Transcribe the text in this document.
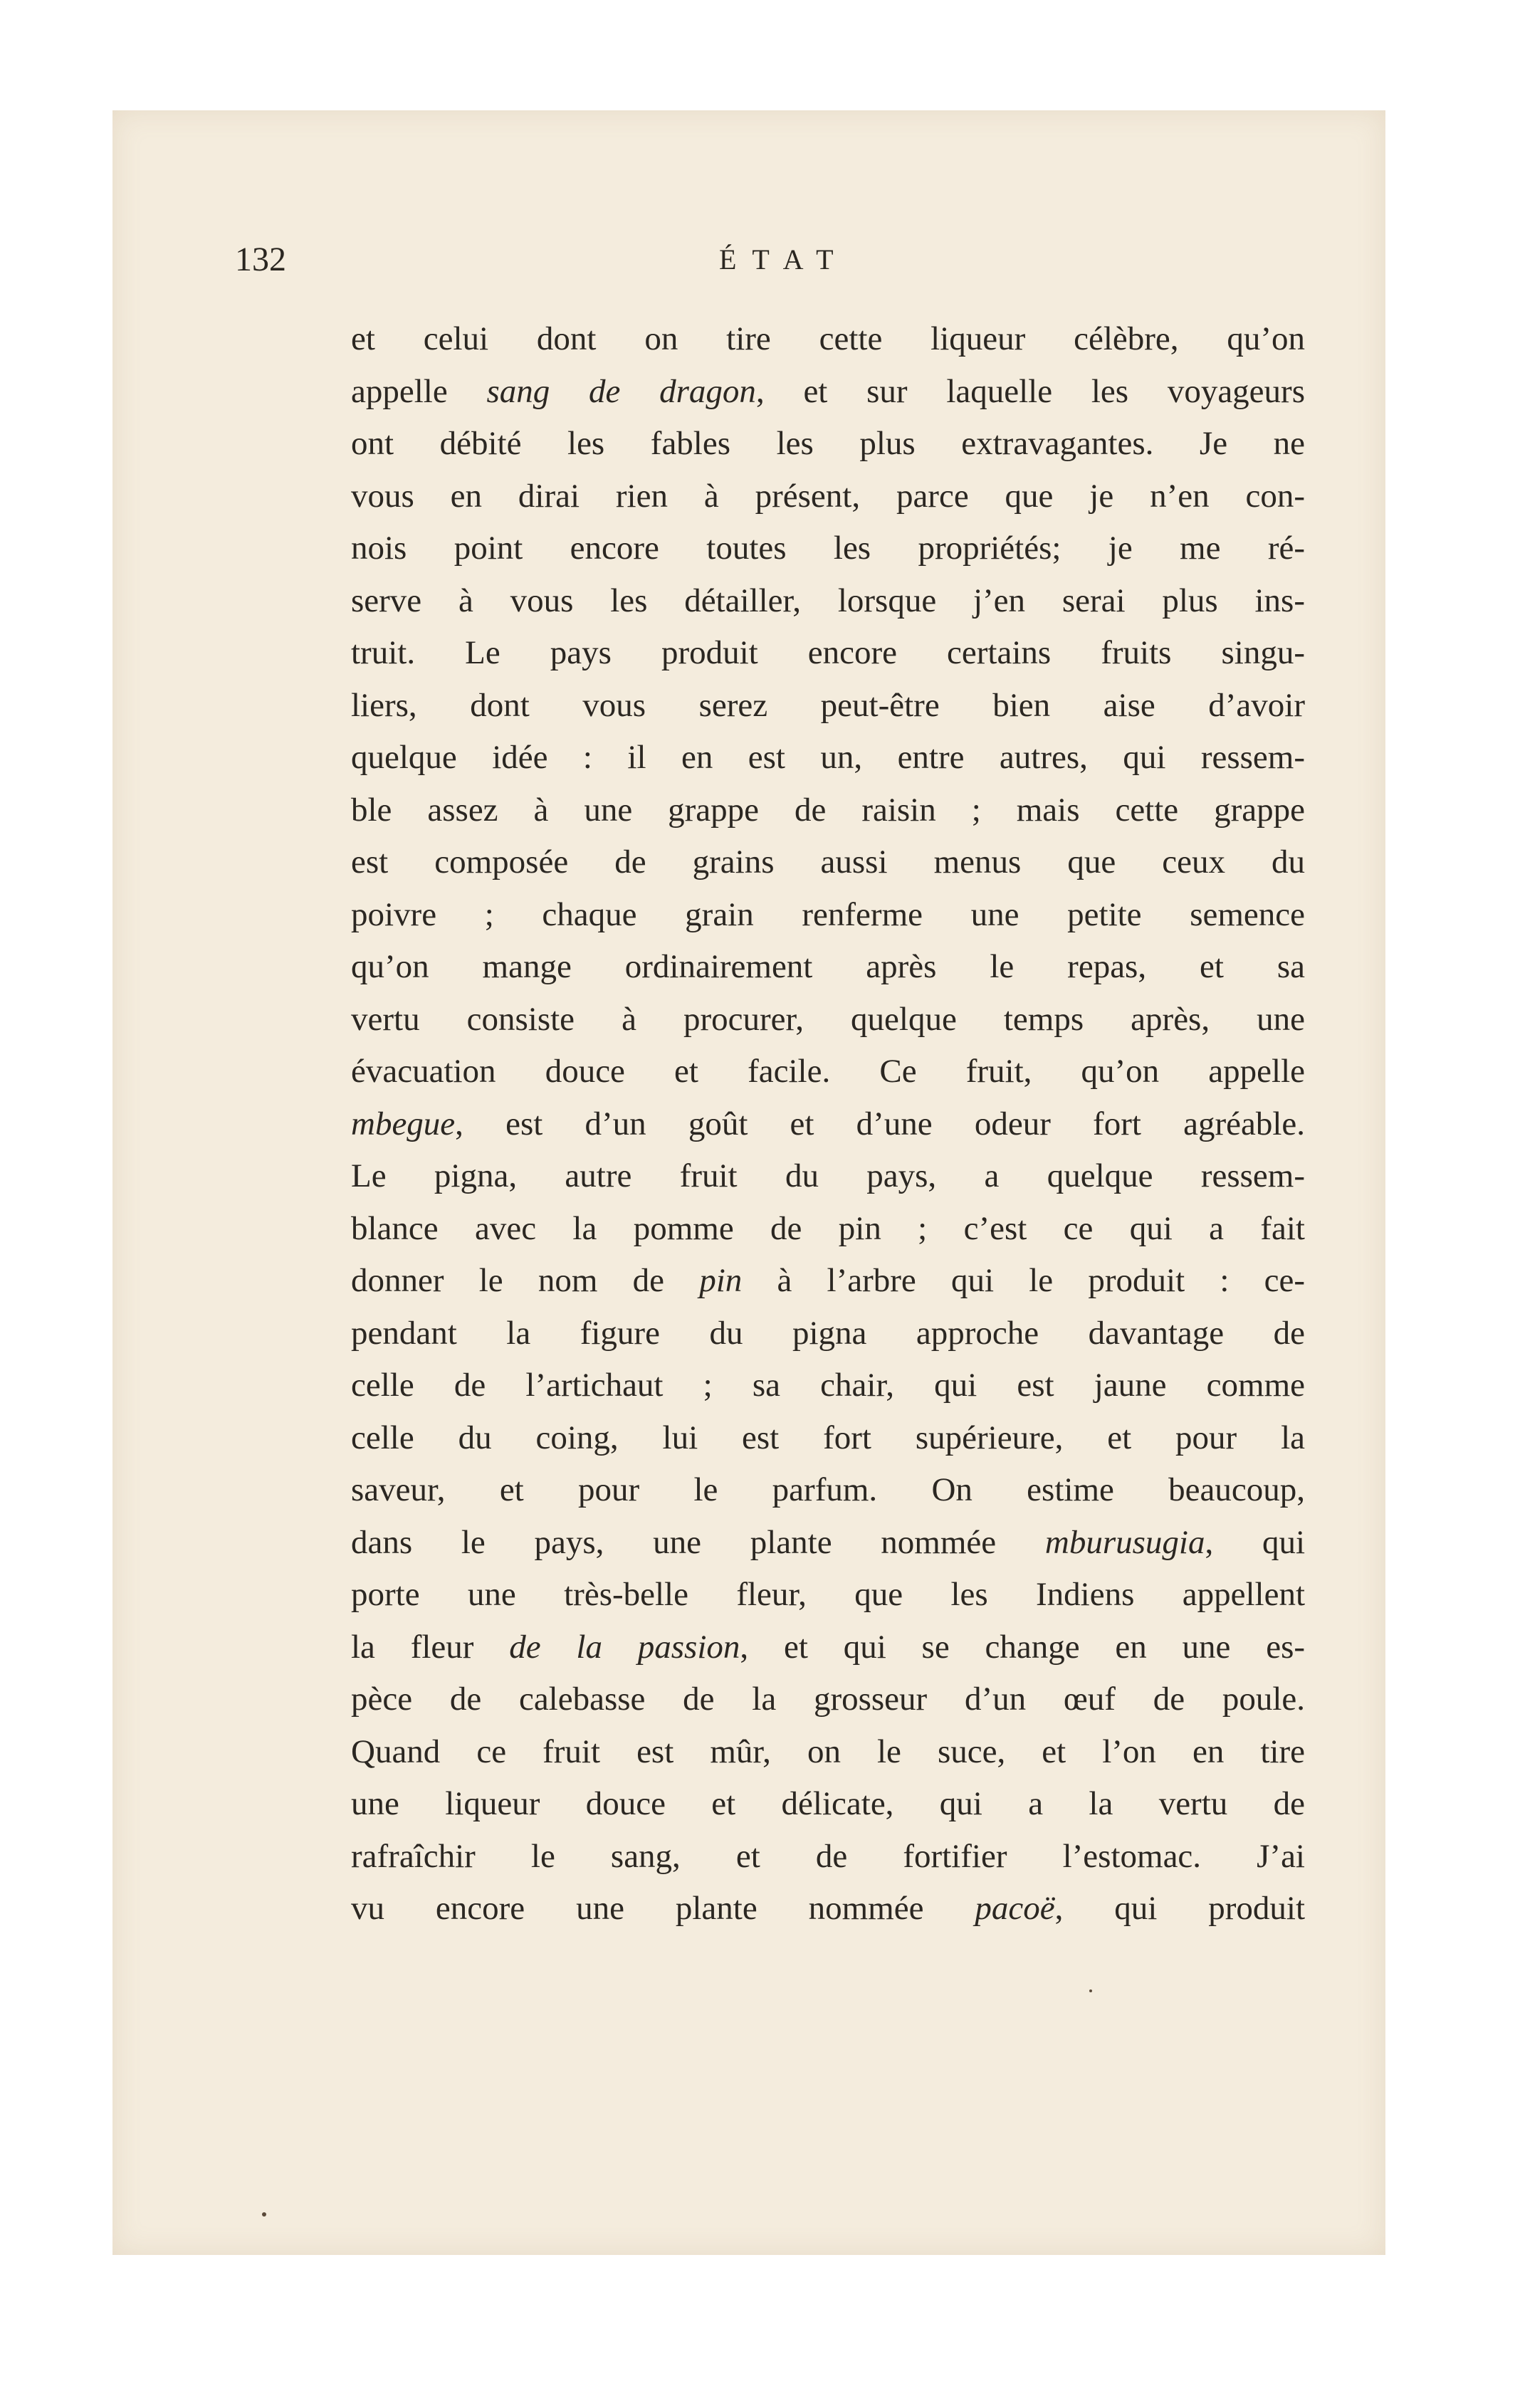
132	ÉTAT
et celui dont on tire cette liqueur célèbre, qu’on
appelle sang de dragon, et sur laquelle les voyageurs
ont débité les fables les plus extravagantes. Je ne
vous en dirai rien à présent, parce que je n’en con-
nois point encore toutes les propriétés; je me ré-
serve à vous les détailler, lorsque j’en serai plus ins-
truit. Le pays produit encore certains fruits singu-
liers, dont vous serez peut-être bien aise d’avoir
quelque idée : il en est un, entre autres, qui ressem-
ble assez à une grappe de raisin ; mais cette grappe
est composée de grains aussi menus que ceux du
poivre ; chaque grain renferme une petite semence
qu’on mange ordinairement après le repas, et sa
vertu consiste à procurer, quelque temps après, une
évacuation douce et facile. Ce fruit, qu’on appelle
mbegue, est d’un goût et d’une odeur fort agréable.
Le pigna, autre fruit du pays, a quelque ressem-
blance avec la pomme de pin ; c’est ce qui a fait
donner le nom de pin à l’arbre qui le produit : ce-
pendant la figure du pigna approche davantage de
celle de l’artichaut ; sa chair, qui est jaune comme
celle du coing, lui est fort supérieure, et pour la
saveur, et pour le parfum. On estime beaucoup,
dans le pays, une plante nommée mburusugia, qui
porte une très-belle fleur, que les Indiens appellent
la fleur de la passion, et qui se change en une es-
pèce de calebasse de la grosseur d’un œuf de poule.
Quand ce fruit est mûr, on le suce, et l’on en tire
une liqueur douce et délicate, qui a la vertu de
rafraîchir le sang, et de fortifier l’estomac. J’ai
vu encore une plante nommée pacoë, qui produit
